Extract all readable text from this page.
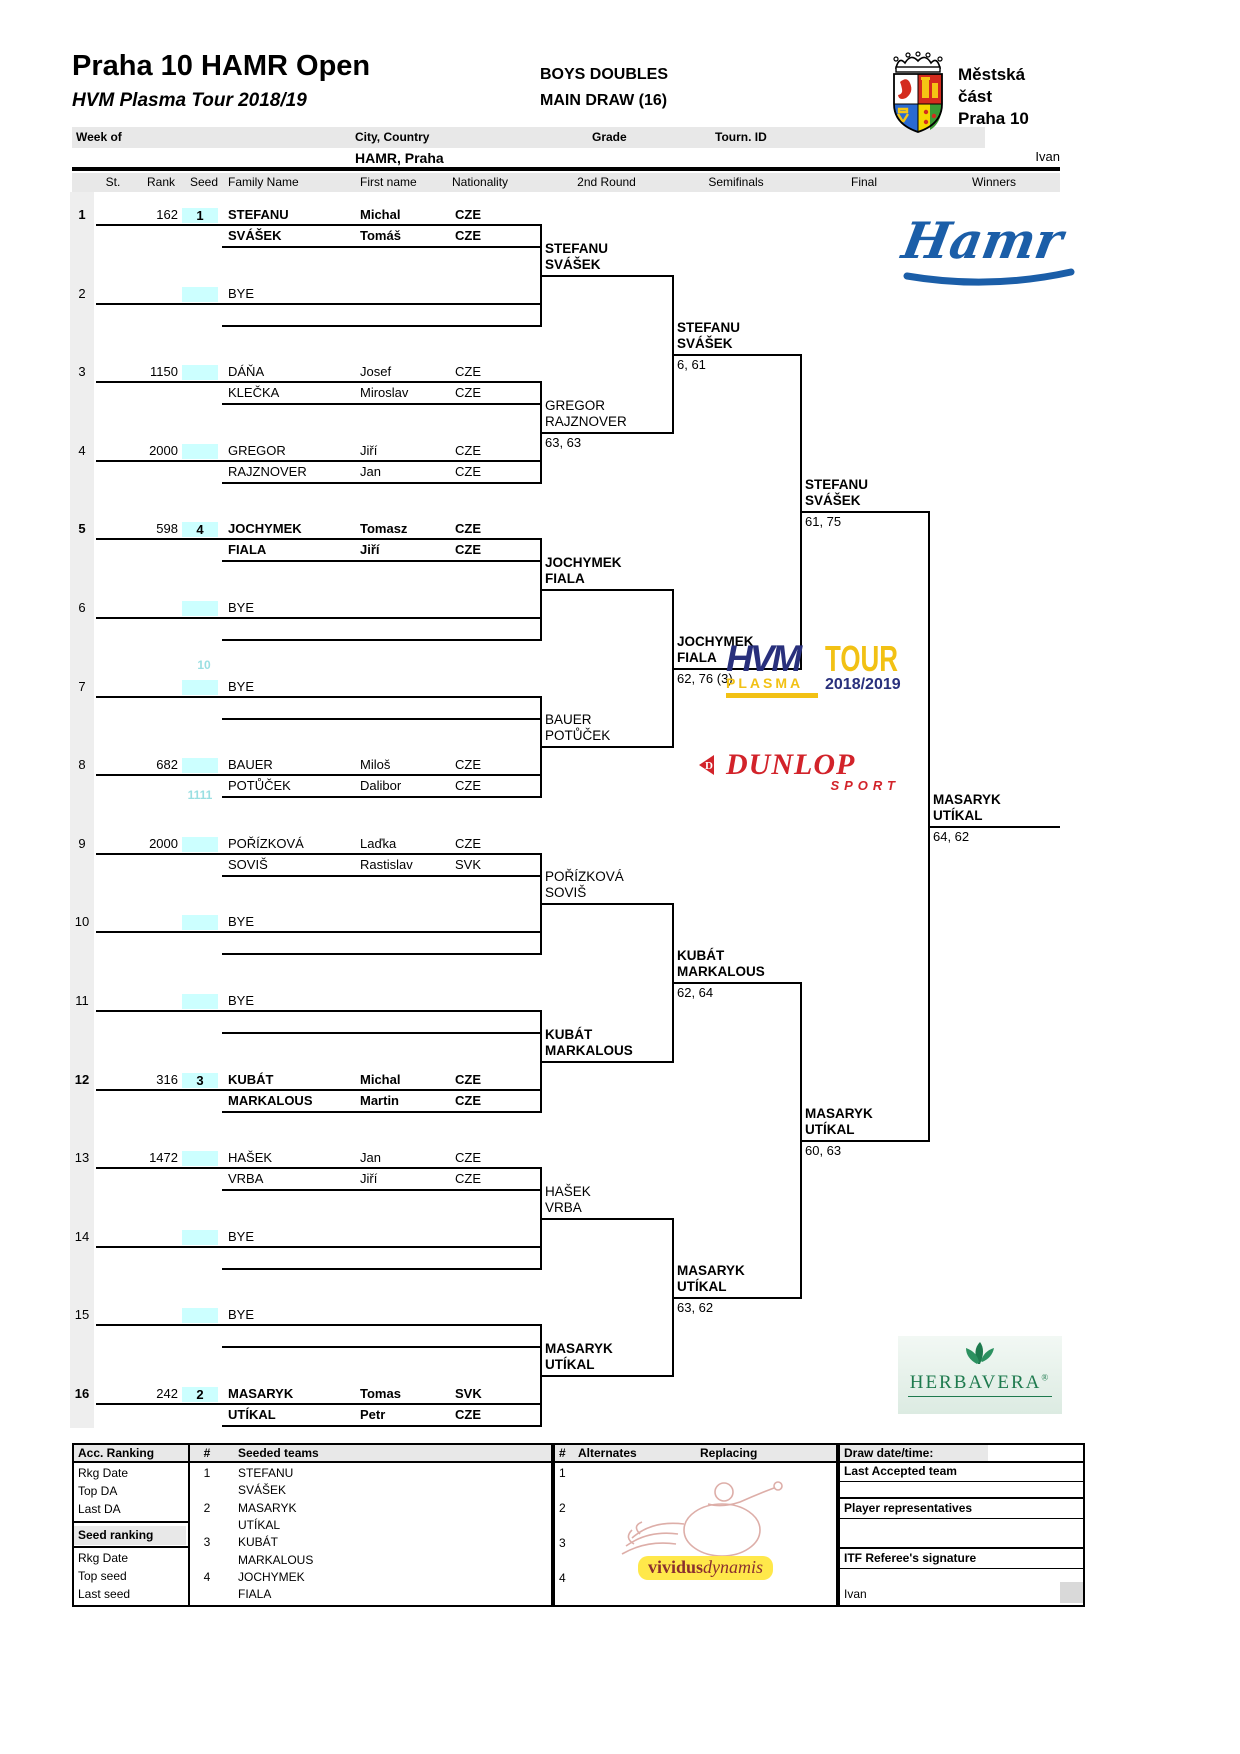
Praha 10 HAMR Open
HVM Plasma Tour 2018/19
BOYS DOUBLES
MAIN DRAW (16)
Week of	City, Country	Grade	Tourn. ID
HAMR, Praha	Ivan
Městská
část
Praha 10
St.	Rank	Seed Family Name	First name	Nationality	2nd Round	Semifinals	Final	Winners
1	162	1	STEFANU	Michal	CZE
SVÁŠEK	Tomáš	CZE
2	BYE
3	1150	DÁŇA	Josef	CZE
KLEČKA	Miroslav	CZE
4	2000	GREGOR	Jiří	CZE
RAJZNOVER	Jan	CZE
5	598	4	JOCHYMEK	Tomasz	CZE
FIALA	Jiří	CZE
6	BYE
7	BYE
8	682	BAUER	Miloš	CZE
POTŮČEK	Dalibor	CZE
9	2000	POŘÍZKOVÁ	Laďka	CZE
SOVIŠ	Rastislav	SVK
10	BYE
11	BYE
12	316	3	KUBÁT	Michal	CZE
MARKALOUS	Martin	CZE
13	1472	HAŠEK	Jan	CZE
VRBA	Jiří	CZE
14	BYE
15	BYE
16	242	2	MASARYK	Tomas	SVK
UTÍKAL	Petr	CZE
STEFANU
SVÁŠEK
GREGOR
RAJZNOVER
63, 63
JOCHYMEK
FIALA
BAUER
POTŮČEK
POŘÍZKOVÁ
SOVIŠ
KUBÁT
MARKALOUS
HAŠEK
VRBA
MASARYK
UTÍKAL
STEFANU
SVÁŠEK
6, 61
JOCHYMEK
FIALA
62, 76 (3)
KUBÁT
MARKALOUS
62, 64
MASARYK
UTÍKAL
63, 62
STEFANU
SVÁŠEK
61, 75
MASARYK
UTÍKAL
60, 63
MASARYK
UTÍKAL
64, 62
10
1111
Hamr
HVM
PLASMA
TOUR
2018/2019
D DUNLOP
SPORT
HERBAVERA®
vividusdynamis
Acc. Ranking	#	Seeded teams
Rkg Date
Top DA
Last DA
Seed ranking
Rkg Date
Top seed
Last seed
1	STEFANU
SVÁŠEK
2	MASARYK
UTÍKAL
3	KUBÁT
MARKALOUS
4	JOCHYMEK
FIALA
# Alternates	Replacing
1
2
3
4
Draw date/time:
Last Accepted team
Player representatives
ITF Referee's signature
Ivan
